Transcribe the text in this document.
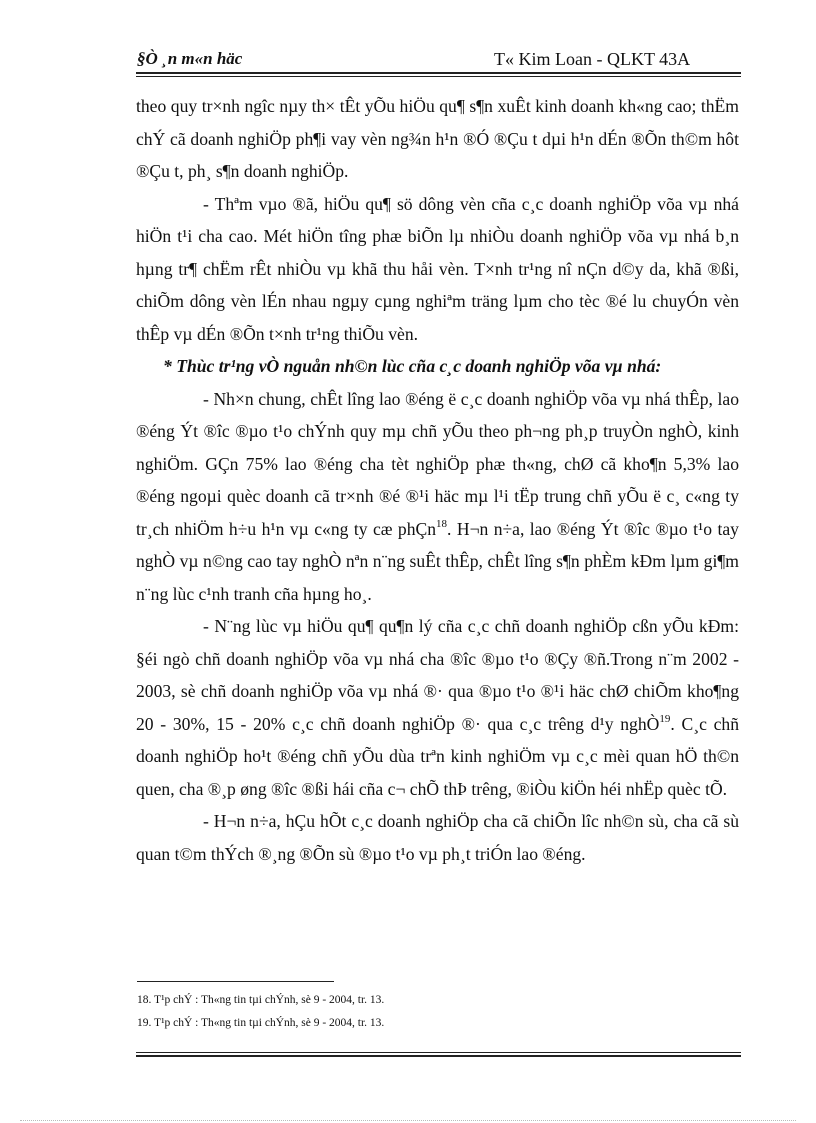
§Ò ¸n m«n häc	T« Kim Loan - QLKT 43A

theo quy tr×nh ngîc nµy th× tÊt yÕu hiÖu qu¶ s¶n xuÊt kinh doanh kh«ng cao; thËm chÝ cã doanh nghiÖp ph¶i vay vèn ng¾n h¹n ®Ó ®Çu t dµi h¹n dÉn ®Õn th©m hôt ®Çu t, ph¸ s¶n doanh nghiÖp.

- Thªm vµo ®ã, hiÖu qu¶ sö dông vèn cña c¸c doanh nghiÖp võa vµ nhá hiÖn t¹i cha cao. Mét hiÖn tîng phæ biÕn lµ nhiÒu doanh nghiÖp võa vµ nhá b¸n hµng tr¶ chËm rÊt nhiÒu vµ khã thu håi vèn. T×nh tr¹ng nî nÇn d©y da, khã ®ßi, chiÕm dông vèn lÉn nhau ngµy cµng nghiªm träng lµm cho tèc ®é lu chuyÓn vèn thÊp vµ dÉn ®Õn t×nh tr¹ng thiÕu vèn.

* Thùc tr¹ng vÒ nguån nh©n lùc cña c¸c doanh nghiÖp võa vµ nhá:

- Nh×n chung, chÊt lîng lao ®éng ë c¸c doanh nghiÖp võa vµ nhá thÊp, lao ®éng Ýt ®îc ®µo t¹o chÝnh quy mµ chñ yÕu theo ph¬ng ph¸p truyÒn nghÒ, kinh nghiÖm. GÇn 75% lao ®éng cha tèt nghiÖp phæ th«ng, chØ cã kho¶n 5,3% lao ®éng ngoµi quèc doanh cã tr×nh ®é ®¹i häc mµ l¹i tËp trung chñ yÕu ë c¸ c«ng ty tr¸ch nhiÖm h÷u h¹n vµ c«ng ty cæ phÇn$^{18}$. H¬n n÷a, lao ®éng Ýt ®îc ®µo t¹o tay nghÒ vµ n©ng cao tay nghÒ nªn n¨ng suÊt thÊp, chÊt lîng s¶n phÈm kÐm lµm gi¶m n¨ng lùc c¹nh tranh cña hµng ho¸.

- N¨ng lùc vµ hiÖu qu¶ qu¶n lý cña c¸c chñ doanh nghiÖp cßn yÕu kÐm: §éi ngò chñ doanh nghiÖp võa vµ nhá cha ®îc ®µo t¹o ®Çy ®ñ.Trong n¨m 2002 - 2003, sè chñ doanh nghiÖp võa vµ nhá ®· qua ®µo t¹o ®¹i häc chØ chiÕm kho¶ng 20 - 30%, 15 - 20% c¸c chñ doanh nghiÖp ®· qua c¸c trêng d¹y nghÒ$^{19}$. C¸c chñ doanh nghiÖp ho¹t ®éng chñ yÕu dùa trªn kinh nghiÖm vµ c¸c mèi quan hÖ th©n quen, cha ®¸p øng ®îc ®ßi hái cña c¬ chÕ thÞ trêng, ®iÒu kiÖn héi nhËp quèc tÕ.

- H¬n n÷a, hÇu hÕt c¸c doanh nghiÖp cha cã chiÕn lîc nh©n sù, cha cã sù quan t©m thÝch ®¸ng ®Õn sù ®µo t¹o vµ ph¸t triÓn lao ®éng.

18. T¹p chÝ : Th«ng tin tµi chÝnh, sè 9 - 2004, tr. 13.
19. T¹p chÝ : Th«ng tin tµi chÝnh, sè 9 - 2004, tr. 13.
